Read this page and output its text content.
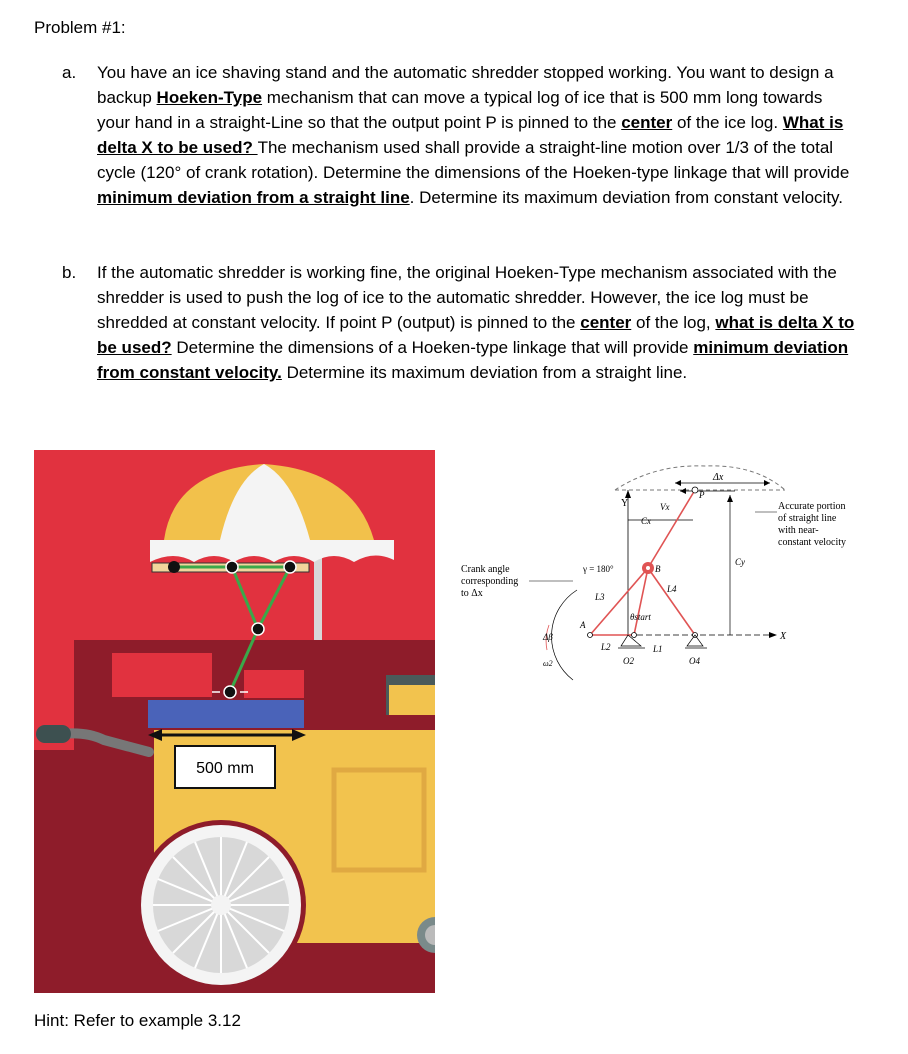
Problem #1:
a. You have an ice shaving stand and the automatic shredder stopped working. You want to design a backup Hoeken-Type mechanism that can move a typical log of ice that is 500 mm long towards your hand in a straight-Line so that the output point P is pinned to the center of the ice log. What is delta X to be used? The mechanism used shall provide a straight-line motion over 1/3 of the total cycle (120° of crank rotation). Determine the dimensions of the Hoeken-type linkage that will provide minimum deviation from a straight line. Determine its maximum deviation from constant velocity.
b. If the automatic shredder is working fine, the original Hoeken-Type mechanism associated with the shredder is used to push the log of ice to the automatic shredder. However, the ice log must be shredded at constant velocity. If point P (output) is pinned to the center of the log, what is delta X to be used? Determine the dimensions of a Hoeken-type linkage that will provide minimum deviation from constant velocity. Determine its maximum deviation from a straight line.
500 mm
Y
X
Δx
Vx
Cx
Cy
P
B
A
L3
L4
L2	L1
O2	O4
θstart
γ = 180°
Δβ
ω2
Crank angle
corresponding
to Δx
Accurate portion
of straight line
with near-
constant velocity
Hint: Refer to example 3.12
